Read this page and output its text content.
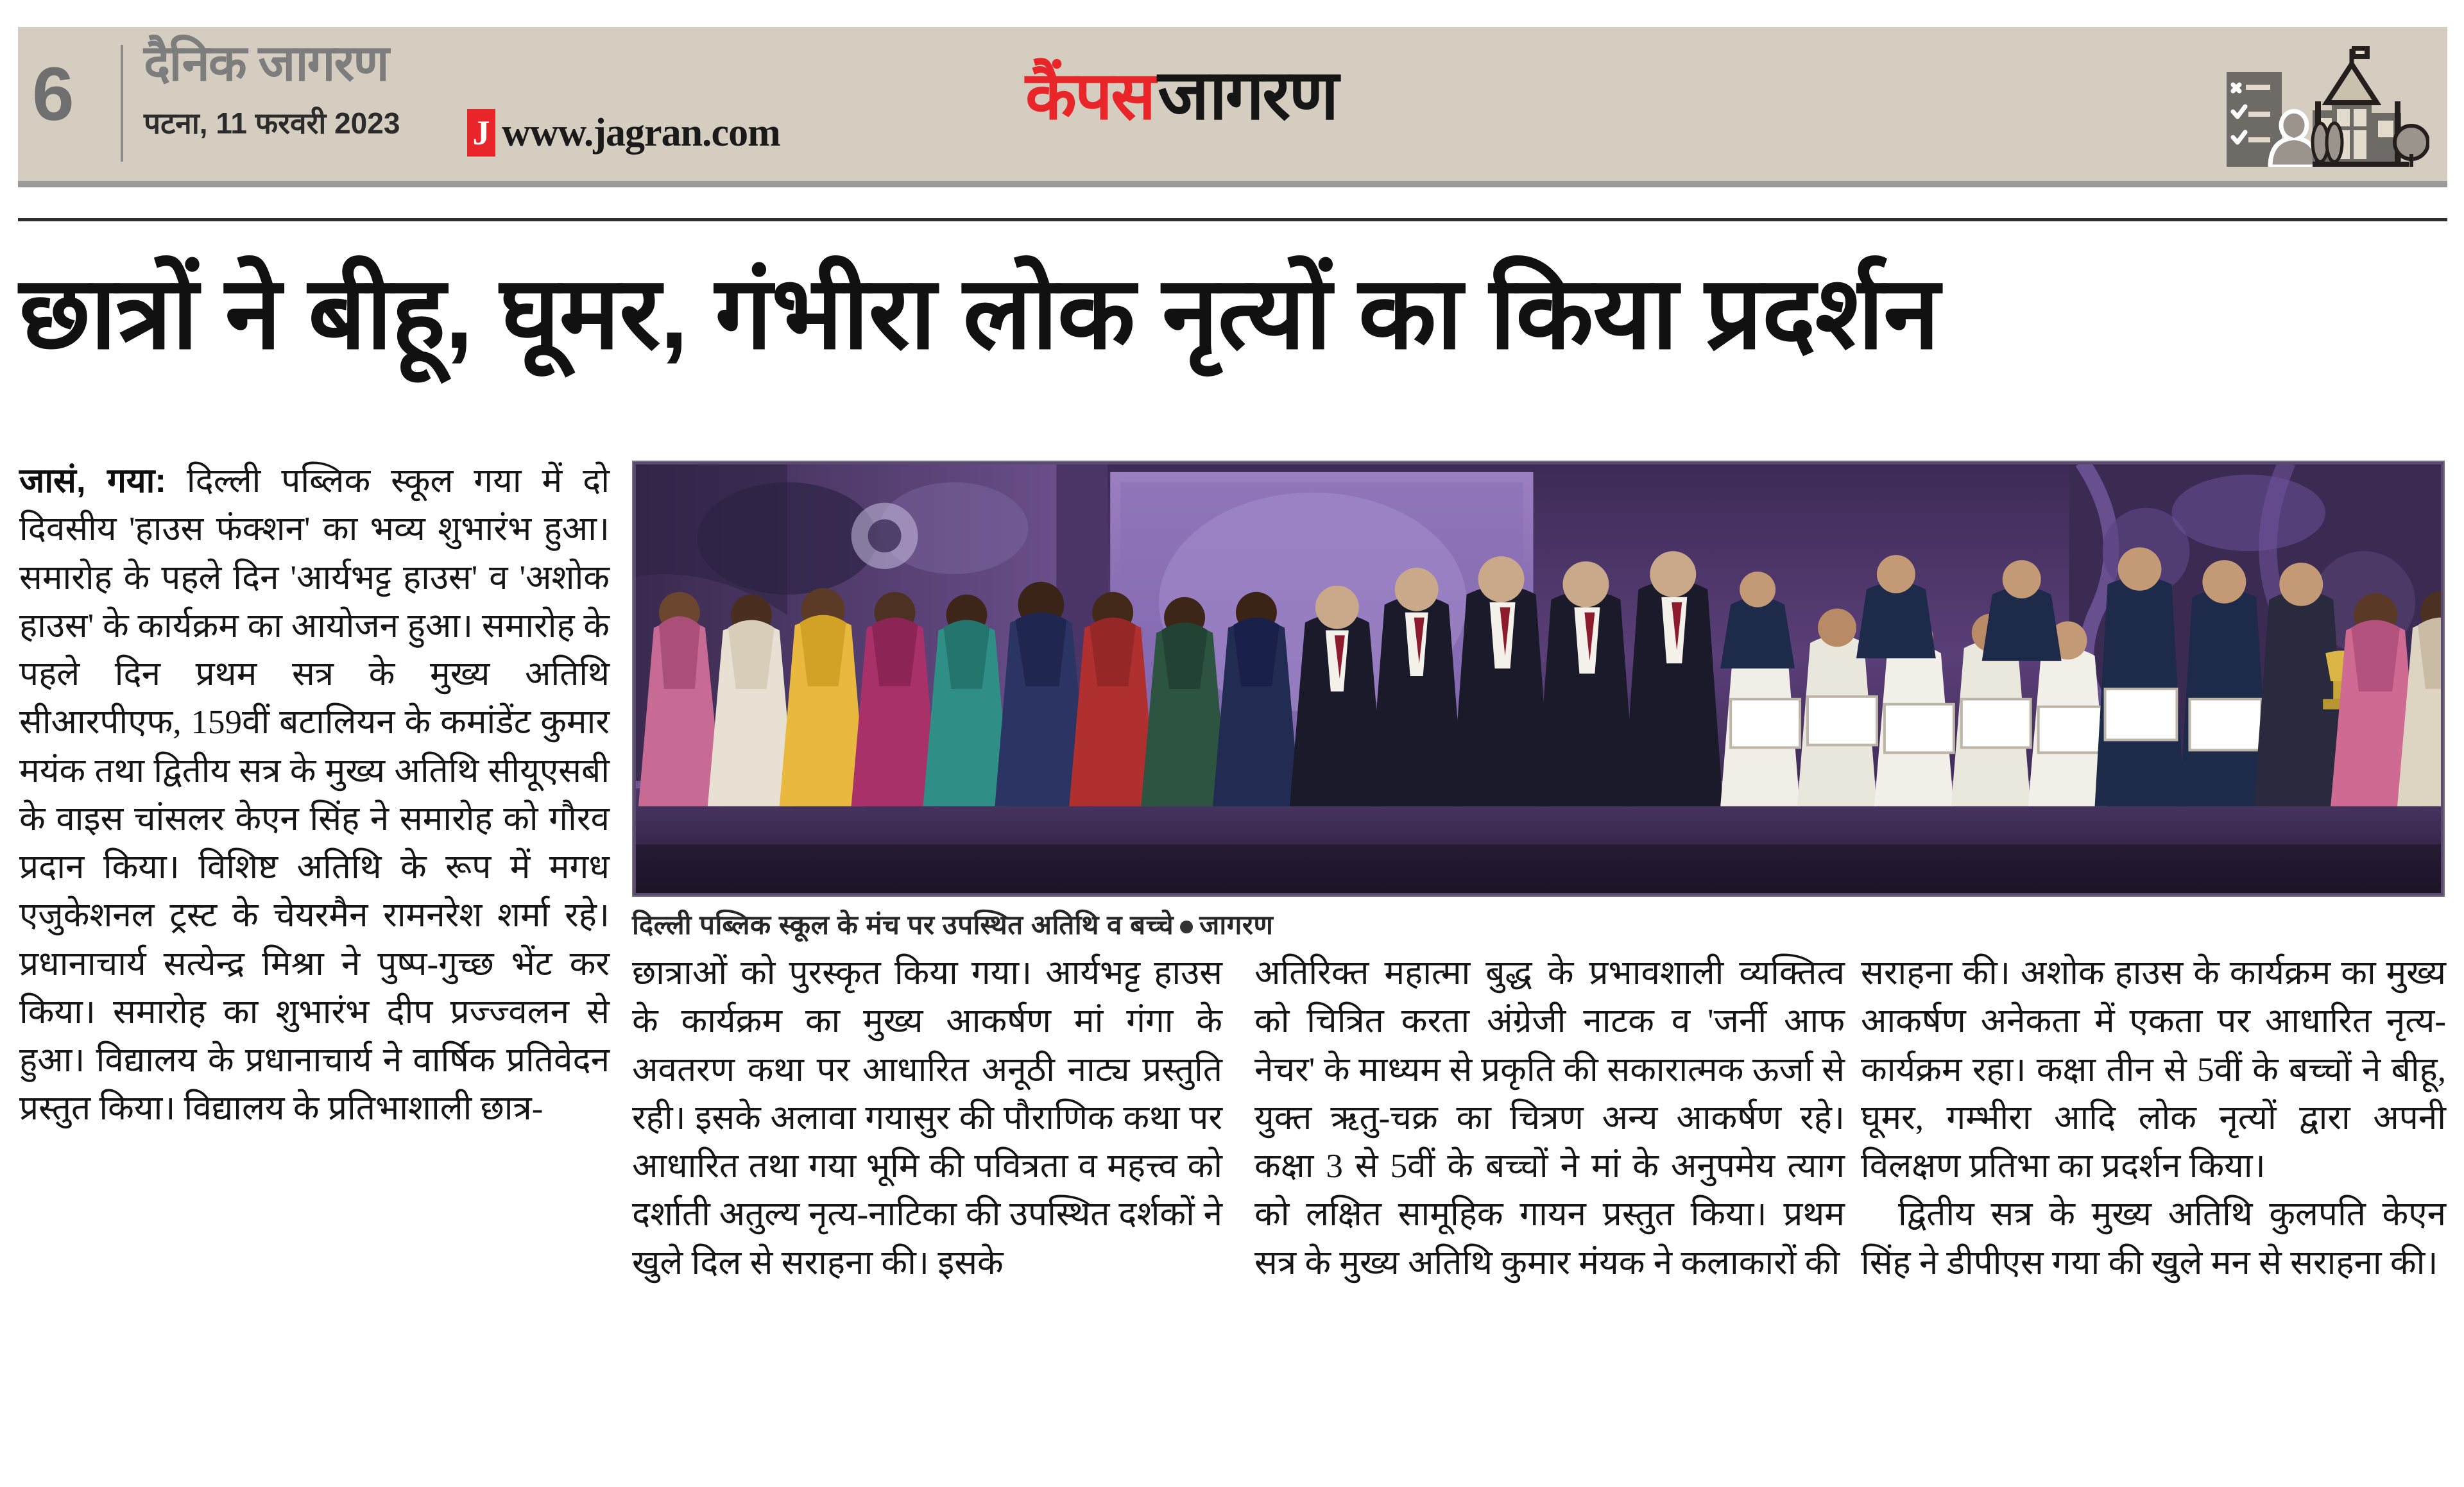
6 दैनिक जागरण
पटना, 11 फरवरी 2023	J www.jagran.com	कैंपस जागरण
छात्रों ने बीहू, घूमर, गंभीरा लोक नृत्यों का किया प्रदर्शन

जासं, गया: दिल्ली पब्लिक स्कूल गया में दो दिवसीय 'हाउस फंक्शन' का भव्य शुभारंभ हुआ। समारोह के पहले दिन 'आर्यभट्ट हाउस' व 'अशोक हाउस' के कार्यक्रम का आयोजन हुआ। समारोह के पहले दिन प्रथम सत्र के मुख्य अतिथि सीआरपीएफ, 159वीं बटालियन के कमांडेंट कुमार मयंक तथा द्वितीय सत्र के मुख्य अतिथि सीयूएसबी के वाइस चांसलर केएन सिंह ने समारोह को गौरव प्रदान किया। विशिष्ट अतिथि के रूप में मगध एजुकेशनल ट्रस्ट के चेयरमैन रामनरेश शर्मा रहे। प्रधानाचार्य सत्येन्द्र मिश्रा ने पुष्प-गुच्छ भेंट कर किया। समारोह का शुभारंभ दीप प्रज्ज्वलन से हुआ। विद्यालय के प्रधानाचार्य ने वार्षिक प्रतिवेदन प्रस्तुत किया। विद्यालय के प्रतिभाशाली छात्र-

दिल्ली पब्लिक स्कूल के मंच पर उपस्थित अतिथि व बच्चे जागरण

छात्राओं को पुरस्कृत किया गया। आर्यभट्ट हाउस के कार्यक्रम का मुख्य आकर्षण मां गंगा के अवतरण कथा पर आधारित अनूठी नाट्य प्रस्तुति रही। इसके अलावा गयासुर की पौराणिक कथा पर आधारित तथा गया भूमि की पवित्रता व महत्त्व को दर्शाती अतुल्य नृत्य-नाटिका की उपस्थित दर्शकों ने खुले दिल से सराहना की। इसके

अतिरिक्त महात्मा बुद्ध के प्रभावशाली व्यक्तित्व को चित्रित करता अंग्रेजी नाटक व 'जर्नी आफ नेचर' के माध्यम से प्रकृति की सकारात्मक ऊर्जा से युक्त ऋतु-चक्र का चित्रण अन्य आकर्षण रहे। कक्षा 3 से 5वीं के बच्चों ने मां के अनुपमेय त्याग को लक्षित सामूहिक गायन प्रस्तुत किया। प्रथम सत्र के मुख्य अतिथि कुमार मंयक ने कलाकारों की

सराहना की। अशोक हाउस के कार्यक्रम का मुख्य आकर्षण अनेकता में एकता पर आधारित नृत्य-कार्यक्रम रहा। कक्षा तीन से 5वीं के बच्चों ने बीहू, घूमर, गम्भीरा आदि लोक नृत्यों द्वारा अपनी विलक्षण प्रतिभा का प्रदर्शन किया।

द्वितीय सत्र के मुख्य अतिथि कुलपति केएन सिंह ने डीपीएस गया की खुले मन से सराहना की।
